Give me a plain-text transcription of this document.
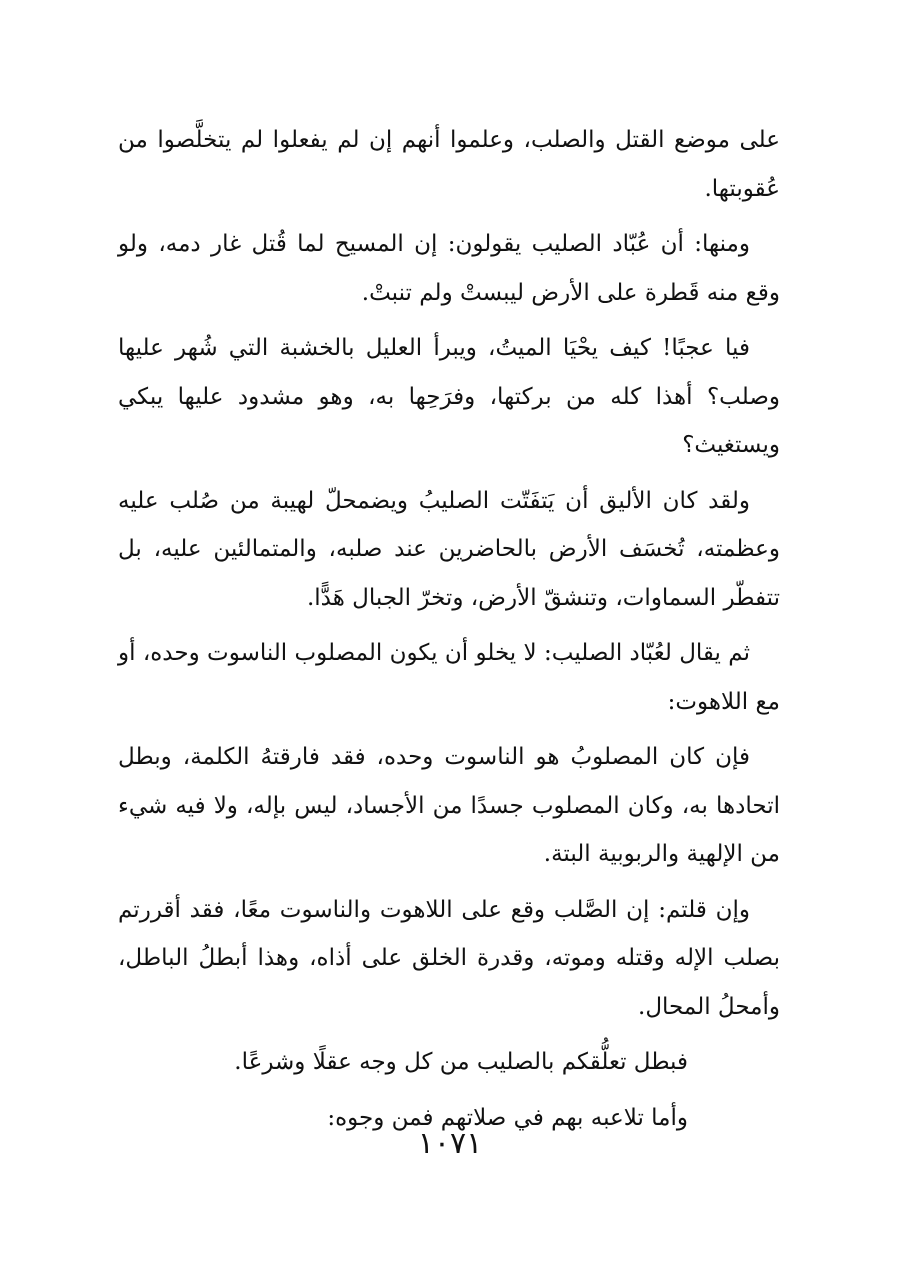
على موضع القتل والصلب، وعلموا أنهم إن لم يفعلوا لم يتخلَّصوا من عُقوبتها.

ومنها: أن عُبّاد الصليب يقولون: إن المسيح لما قُتل غار دمه، ولو وقع منه قَطرة على الأرض ليبستْ ولم تنبتْ.

فيا عجبًا! كيف يحْيَا الميتُ، ويبرأ العليل بالخشبة التي شُهر عليها وصلب؟ أهذا كله من بركتها، وفرَحِها به، وهو مشدود عليها يبكي ويستغيث؟

ولقد كان الأليق أن يَتفَتّت الصليبُ ويضمحلّ لهيبة من صُلب عليه وعظمته، تُخسَف الأرض بالحاضرين عند صلبه، والمتمالئين عليه، بل تتفطّر السماوات، وتنشقّ الأرض، وتخرّ الجبال هَدًّا.

ثم يقال لعُبّاد الصليب: لا يخلو أن يكون المصلوب الناسوت وحده، أو مع اللاهوت:

فإن كان المصلوبُ هو الناسوت وحده، فقد فارقتهُ الكلمة، وبطل اتحادها به، وكان المصلوب جسدًا من الأجساد، ليس بإله، ولا فيه شيء من الإلهية والربوبية البتة.

وإن قلتم: إن الصَّلب وقع على اللاهوت والناسوت معًا، فقد أقررتم بصلب الإله وقتله وموته، وقدرة الخلق على أذاه، وهذا أبطلُ الباطل، وأمحلُ المحال.

فبطل تعلُّقكم بالصليب من كل وجه عقلًا وشرعًا.

وأما تلاعبه بهم في صلاتهم فمن وجوه:

١٠٧١
